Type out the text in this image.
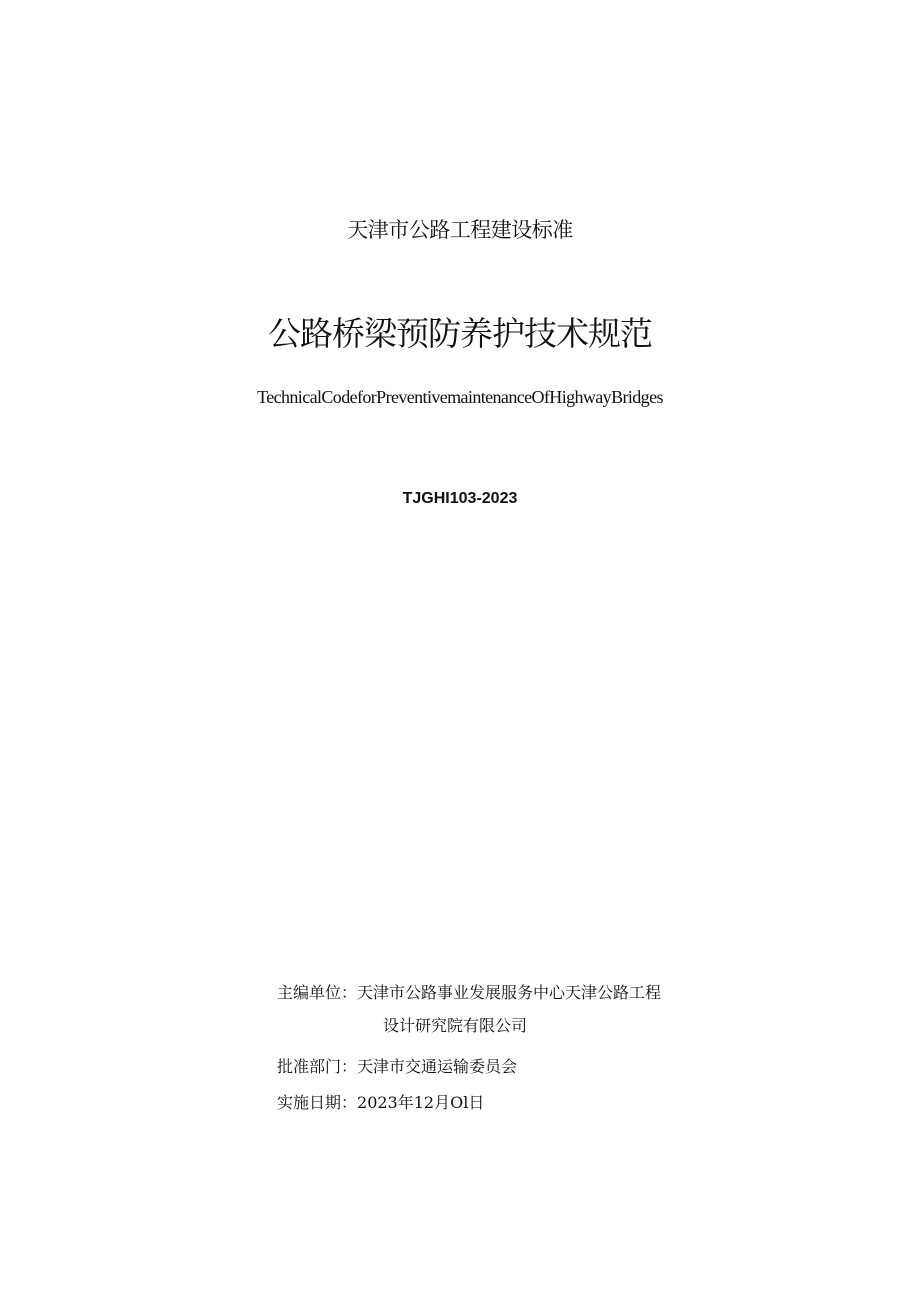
天津市公路工程建设标准
公路桥梁预防养护技术规范
TechnicalCodeforPreventivemaintenanceOfHighwayBridges
TJGHI103-2023
主编单位：天津市公路事业发展服务中心天津公路工程
设计研究院有限公司
批准部门：天津市交通运输委员会
实施日期：2023年12月Ol日
